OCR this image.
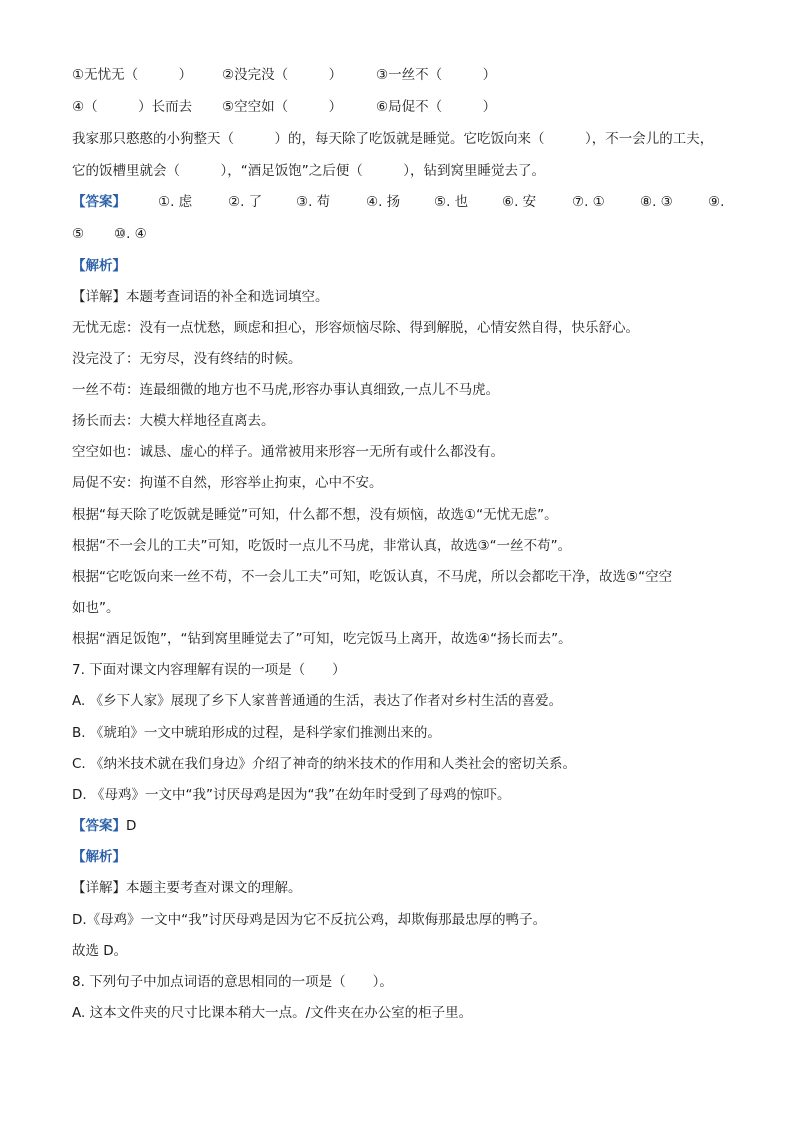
①无忧无（　　　） ②没完没（　　　）	③一丝不（　　　）
④（　　　）长而去 ⑤空空如（　　　）	⑥局促不（　　　）
我家那只憨憨的小狗整天（　　　）的，每天除了吃饭就是睡觉。它吃饭向来（　　　），不一会儿的工夫，
它的饭槽里就会（　　　），“酒足饭饱”之后便（　　　），钻到窝里睡觉去了。
【答案】 ①. 虑	②. 了	③. 苟	④. 扬	⑤. 也	⑥. 安	⑦. ①	⑧. ③	⑨.
⑤ ⑩. ④
【解析】
【详解】本题考查词语的补全和选词填空。
无忧无虑：没有一点忧愁，顾虑和担心，形容烦恼尽除、得到解脱，心情安然自得，快乐舒心。
没完没了：无穷尽，没有终结的时候。
一丝不苟：连最细微的地方也不马虎,形容办事认真细致,一点儿不马虎。
扬长而去：大模大样地径直离去。
空空如也：诚恳、虚心的样子。通常被用来形容一无所有或什么都没有。
局促不安：拘谨不自然，形容举止拘束，心中不安。
根据“每天除了吃饭就是睡觉”可知，什么都不想，没有烦恼，故选①“无忧无虑”。
根据“不一会儿的工夫”可知，吃饭时一点儿不马虎，非常认真，故选③“一丝不苟”。
根据“它吃饭向来一丝不苟，不一会儿工夫”可知，吃饭认真，不马虎，所以会都吃干净，故选⑤“空空
如也”。
根据“酒足饭饱”，“钻到窝里睡觉去了”可知，吃完饭马上离开，故选④“扬长而去”。
7. 下面对课文内容理解有误的一项是（　　）
A. 《乡下人家》展现了乡下人家普普通通的生活，表达了作者对乡村生活的喜爱。
B. 《琥珀》一文中琥珀形成的过程，是科学家们推测出来的。
C. 《纳米技术就在我们身边》介绍了神奇的纳米技术的作用和人类社会的密切关系。
D. 《母鸡》一文中“我”讨厌母鸡是因为“我”在幼年时受到了母鸡的惊吓。
【答案】D
【解析】
【详解】本题主要考查对课文的理解。
D.《母鸡》一文中“我”讨厌母鸡是因为它不反抗公鸡，却欺侮那最忠厚的鸭子。
故选 D。
8. 下列句子中加点词语的意思相同的一项是（　　）。
A. 这本文件夹的尺寸比课本稍大一点。/文件夹在办公室的柜子里。
